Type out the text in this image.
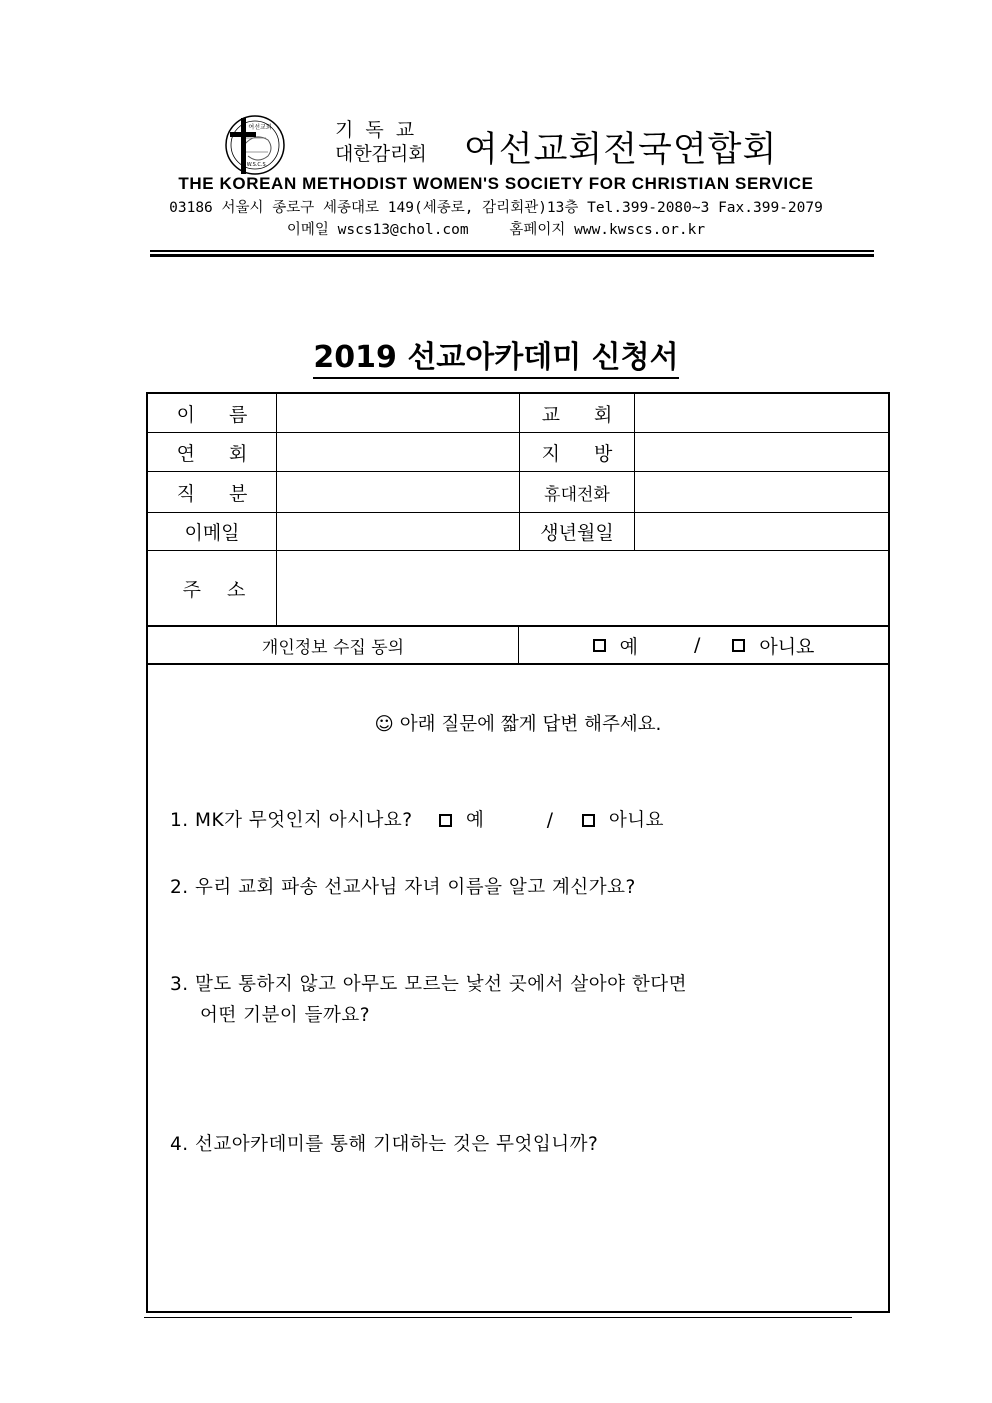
여선교회
W.S.C.S.
기독교
대한감리회 여선교회전국연합회
THE KOREAN METHODIST WOMEN'S SOCIETY FOR CHRISTIAN SERVICE
03186 서울시 종로구 세종대로 149(세종로, 감리회관)13층 Tel.399-2080~3 Fax.399-2079
이메일 wscs13@chol.com	홈페이지 www.kwscs.or.kr
2019 선교아카데미 신청서
이 름	교 회
연 회	지 방
직 분	휴대전화
이메일	생년월일
주 소
개인정보 수집 동의	예	/	아니요
☺ 아래 질문에 짧게 답변 해주세요.
1. MK가 무엇인지 아시나요?	예	/	아니요
2. 우리 교회 파송 선교사님 자녀 이름을 알고 계신가요?
3. 말도 통하지 않고 아무도 모르는 낯선 곳에서 살아야 한다면
어떤 기분이 들까요?
4. 선교아카데미를 통해 기대하는 것은 무엇입니까?
